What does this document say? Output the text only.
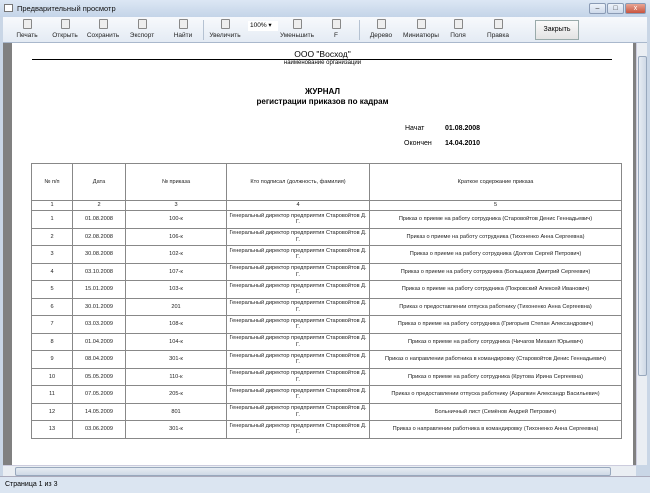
Предварительный просмотр	–	□	x
Печать	Открыть	Сохранить	Экспорт	Найти	Увеличить
100% ▾
Уменьшить	F	Дерево	Миниатюры	Поля	Правка
Закрыть
ООО "Восход"
наименование организации
ЖУРНАЛ
регистрации приказов по кадрам
Начат	01.08.2008
Окончен 14.04.2010
№ п/п	Дата	№ приказа	Кто подписал (должность, фамилия)	Краткое содержание приказа
1	2	3	4	5
1	01.08.2008	100-к	Генеральный директор предприятия Старовойтов Д. Г.	Приказ о приеме на работу сотрудника (Старовойтов Денис Геннадьевич)
2	02.08.2008	106-к	Генеральный директор предприятия Старовойтов Д. Г.	Приказ о приеме на работу сотрудника (Тихоненко Анна Сергеевна)
3	30.08.2008	102-к	Генеральный директор предприятия Старовойтов Д. Г.	Приказ о приеме на работу сотрудника (Долгов Сергей Петрович)
4	03.10.2008	107-к	Генеральный директор предприятия Старовойтов Д. Г.	Приказ о приеме на работу сотрудника (Больщаков Дмитрий Сергеевич)
5	15.01.2009	103-к	Генеральный директор предприятия Старовойтов Д. Г.	Приказ о приеме на работу сотрудника (Покровский Алексей Иванович)
6	30.01.2009	201	Генеральный директор предприятия Старовойтов Д. Г.	Приказ о предоставлении отпуска работнику (Тихоненко Анна Сергеевна)
7	03.03.2009	108-к	Генеральный директор предприятия Старовойтов Д. Г.	Приказ о приеме на работу сотрудника (Григорьев Степан Александрович)
8	01.04.2009	104-к	Генеральный директор предприятия Старовойтов Д. Г.	Приказ о приеме на работу сотрудника (Чичагов Михаил Юрьевич)
9	08.04.2009	301-к	Генеральный директор предприятия Старовойтов Д. Г.	Приказ о направлении работника в командировку (Старовойтов Денис Геннадьевич)
10	05.05.2009	110-к	Генеральный директор предприятия Старовойтов Д. Г.	Приказ о приеме на работу сотрудника (Крутова Ирина Сергеевна)
11	07.05.2009	205-к	Генеральный директор предприятия Старовойтов Д. Г.	Приказ о предоставлении отпуска работнику (Азрапкин Александр Васильевич)
12	14.05.2009	801	Генеральный директор предприятия Старовойтов Д. Г.	Больничный лист (Семёнов Андрей Петрович)
13	03.06.2009	301-к	Генеральный директор предприятия Старовойтов Д. Г.	Приказ о направлении работника в командировку (Тихоненко Анна Сергеевна)
Страница 1 из 3
